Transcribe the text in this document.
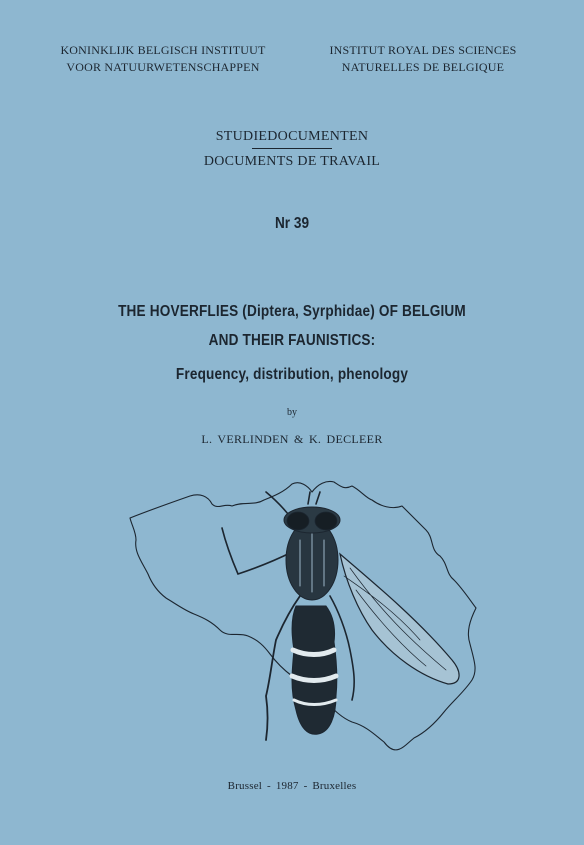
KONINKLIJK BELGISCH INSTITUUT
VOOR NATUURWETENSCHAPPEN
INSTITUT ROYAL DES SCIENCES
NATURELLES DE BELGIQUE
STUDIEDOCUMENTEN
DOCUMENTS DE TRAVAIL
Nr 39
THE HOVERFLIES (Diptera, Syrphidae) OF BELGIUM
AND THEIR FAUNISTICS:
Frequency, distribution, phenology
by
L. VERLINDEN & K. DECLEER
Brussel - 1987 - Bruxelles
